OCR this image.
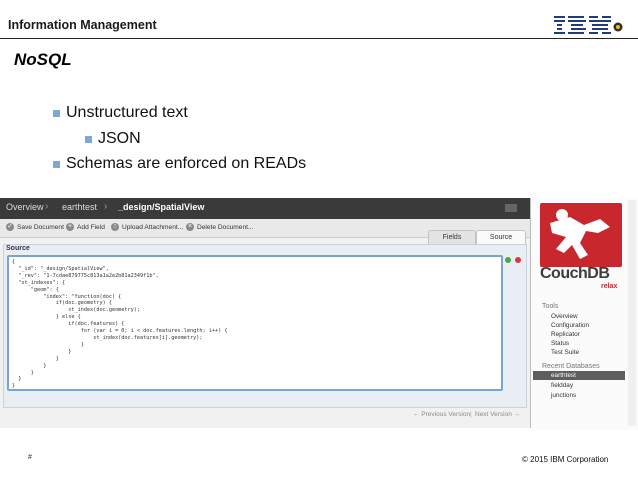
Information Management
NoSQL
Unstructured text
JSON
Schemas are enforced on READs
Overview › earthtest › _design/SpatialView
✓ Save Document + Add Field	↑ Upload Attachment... × Delete Document...
Fields	Source
Source
{
"_id": "_design/SpatialView",
"_rev": "1-7cdae879775c813a1a2e2b81a2349f1b",
"st_indexes": {
"geom": {
"index": "function(doc) {
if(doc.geometry) {
st_index(doc.geometry);
} else {
if(doc.features) {
for (var i = 0; i < doc.features.length; i++) {
st_index(doc.features[i].geometry);
}
}
}
}
}
}
}
← Previous Version | Next Version →
CouchDB
relax
Tools
Overview
Configuration
Replicator
Status
Test Suite
Recent Databases
earthtest
fieldday
junctions
#	© 2015 IBM Corporation
